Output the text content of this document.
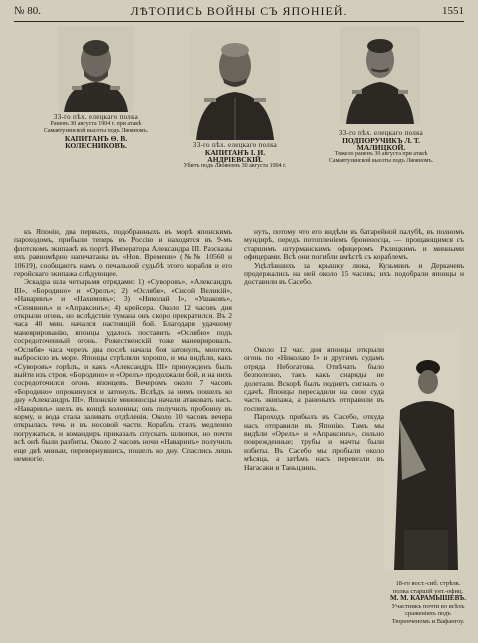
№ 80.	ЛѢТОПИСЬ ВОЙНЫ СЪ ЯПОНІЕЙ.	1551
33-го пѣх. елецкаго полка
Раненъ 30 августа 1904 г. при атакѣ Самавтузинской высоты подъ Ляояномъ.
КАПИТАНЪ Ѳ. В. КОЛЕСНИКОВЪ.	33-го пѣх. елецкаго полка
КАПИТАНЪ І. И. АНДРІЕВСКІЙ.
Убитъ подъ Ляояномъ 30 августа 1904 г.
33-го пѣх. елецкаго полка
ПОДПОРУЧИКЪ Л. Т. МАЛИЦКОЙ.
Тяжело раненъ 30 августа при атакѣ Самавтузинской высоты подъ Ляояномъ.

къ Японіи, два первыхъ, подобранныхъ въ морѣ японскимъ пароходомъ, прибыли теперь въ Россію и находятся въ 9-мъ флотскомъ экипажѣ въ портѣ Императора Александра III. Разсказы ихъ равномѣрно напечатаны въ «Нов. Времени» (№№ 10560 и 10619), сообщаютъ намъ о печальной судьбѣ этого корабля и его геройскаго экипажа слѣдующее.

Эскадра шла четырьмя отрядами: 1) «Суворовъ», «Александръ III», «Бородино» и «Орелъ»; 2) «Ослябя», «Сисой Великій», «Наваринъ» и «Нахимовъ»; 3) «Николай I», «Ушаковъ», «Сенявинъ» и «Апраксинъ»; 4) крейсера. Около 12 часовъ дня открыли огонь, но вслѣдствіе тумана онъ скоро прекратился. Въ 2 часа 40 мин. начался настоящій бой. Благодаря удачному маневрированію, японцы удалось поставить «Ослябю» подъ сосредоточенный огонь. Рожественскій тоже маневрировалъ. «Ослябя» часа черезъ два послѣ начала боя затонулъ, многихъ выбросило въ море. Японцы стрѣляли хорошо, и мы видѣли, какъ «Суворовъ» горѣлъ, и какъ «Александръ III» принужденъ былъ выйти изъ строя. «Бородино» и «Орелъ» продолжали бой, и на нихъ сосредоточился огонь японцевъ. Вечеромъ около 7 часовъ «Бородино» опрокинулся и затонулъ. Вслѣдъ за нимъ пошелъ ко дну «Александръ III». Японскіе миноносцы начали атаковать насъ. «Наваринъ» шелъ въ концѣ колонны; онъ получилъ пробоину въ корму, и вода стала заливать отдѣленія. Около 10 часовъ вечера открылась течь и въ носовой части. Корабль сталъ медленно погружаться, и командиръ приказалъ спускать шлюпки, но почти всѣ онѣ были разбиты. Около 2 часовъ ночи «Наваринъ» получилъ еще двѣ миныи, перевернувшись, пошелъ ко дну. Спаслись лишь немногіе.

нуть, потому что его видѣли въ батарейной палубѣ, въ полномъ мундирѣ, передъ потопленіемъ броненосца, — прощающимся съ старшимъ штурманскимъ офицеромъ Рклицкимъ и минными офицерами. Всѣ они погибли вмѣстѣ съ кораблемъ.

Уцѣлѣвшихъ за крышку люка, Кузьминъ и Деркачевъ продержались на ней около 15 часовъ; ихъ подобрали японцы и доставили въ Сасебо.

Около 12 час. дня японцы открыли огонь по «Николаю I» и другимъ судамъ отряда Небогатова. Отвѣчать было безполезно, такъ какъ снаряды не долетали. Вскорѣ былъ поднятъ сигналъ о сдачѣ. Японцы пересадили на свои суда часть экипажа, а раненыхъ отправили въ госпиталь.

Пароходъ прибылъ въ Сасебо, откуда насъ отправили въ Японію. Тамъ мы видѣли «Орелъ» и «Апраксинъ», сильно поврежденные; трубы и мачты были избиты. Въ Сасебо мы пробыли около мѣсяца, а затѣмъ насъ перевезли въ Нагасаки и Таньцзинь.

18-го вост.-сиб. стрѣлк. полка старшій унт.-офиц.
М. М. КАРАМЫШЕВЪ.
Участникъ почти во всѣхъ сраженіяхъ подъ Тюренченомъ и Вафангоу.
